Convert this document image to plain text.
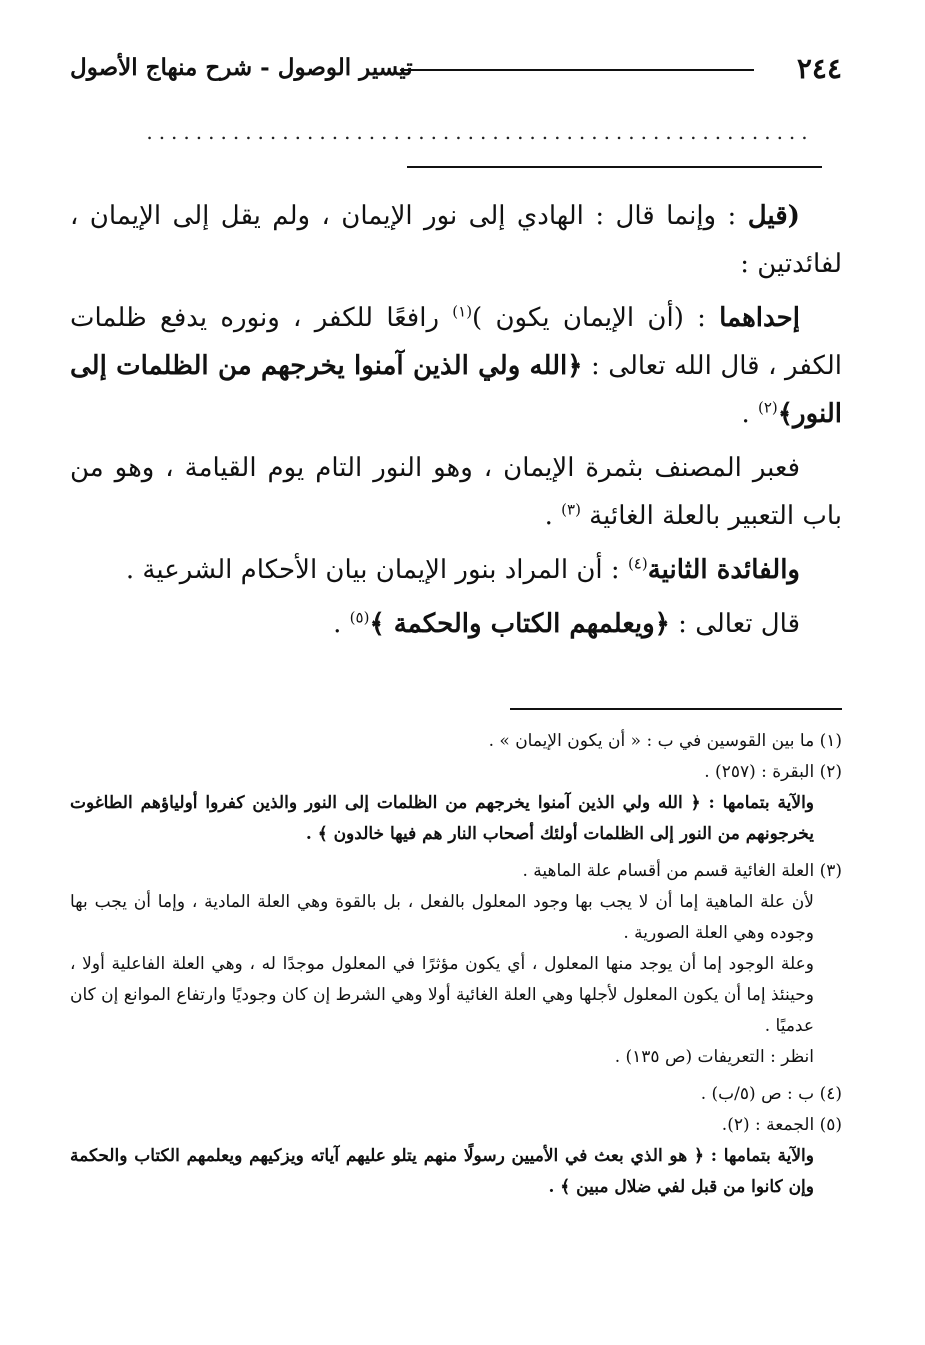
٢٤٤
تيسير الوصول - شرح منهاج الأصول
......................................................

(قيل : وإنما قال : الهادي إلى نور الإيمان ، ولم يقل إلى الإيمان ، لفائدتين :

إحداهما : (أن الإيمان يكون )$^{(١)}$ رافعًا للكفر ، ونوره يدفع ظلمات الكفر ، قال الله تعالى : ﴿الله ولي الذين آمنوا يخرجهم من الظلمات إلى النور﴾$^{(٢)}$ .

فعبر المصنف بثمرة الإيمان ، وهو النور التام يوم القيامة ، وهو من باب التعبير بالعلة الغائية $^{(٣)}$ .

والفائدة الثانية$^{(٤)}$ : أن المراد بنور الإيمان بيان الأحكام الشرعية .

قال تعالى : ﴿ويعلمهم الكتاب والحكمة ﴾$^{(٥)}$ .

(١) ما بين القوسين في ب : « أن يكون الإيمان » .

(٢) البقرة : (٢٥٧) .

والآية بتمامها : ﴿ الله ولي الذين آمنوا يخرجهم من الظلمات إلى النور والذين كفروا أولياؤهم الطاغوت يخرجونهم من النور إلى الظلمات أولئك أصحاب النار هم فيها خالدون ﴾ .

(٣) العلة الغائية قسم من أقسام علة الماهية .

لأن علة الماهية إما أن لا يجب بها وجود المعلول بالفعل ، بل بالقوة وهي العلة المادية ، وإما أن يجب بها وجوده وهي العلة الصورية .

وعلة الوجود إما أن يوجد منها المعلول ، أي يكون مؤثرًا في المعلول موجدًا له ، وهي العلة الفاعلية أولا ، وحينئذ إما أن يكون المعلول لأجلها وهي العلة الغائية أولا وهي الشرط إن كان وجوديًا وارتفاع الموانع إن كان عدميًا .

انظر : التعريفات (ص ١٣٥) .

(٤) ب : ص (٥/ب) .

(٥) الجمعة : (٢).

والآية بتمامها : ﴿ هو الذي بعث في الأميين رسولًا منهم يتلو عليهم آياته ويزكيهم ويعلمهم الكتاب والحكمة وإن كانوا من قبل لفي ضلال مبين ﴾ .
